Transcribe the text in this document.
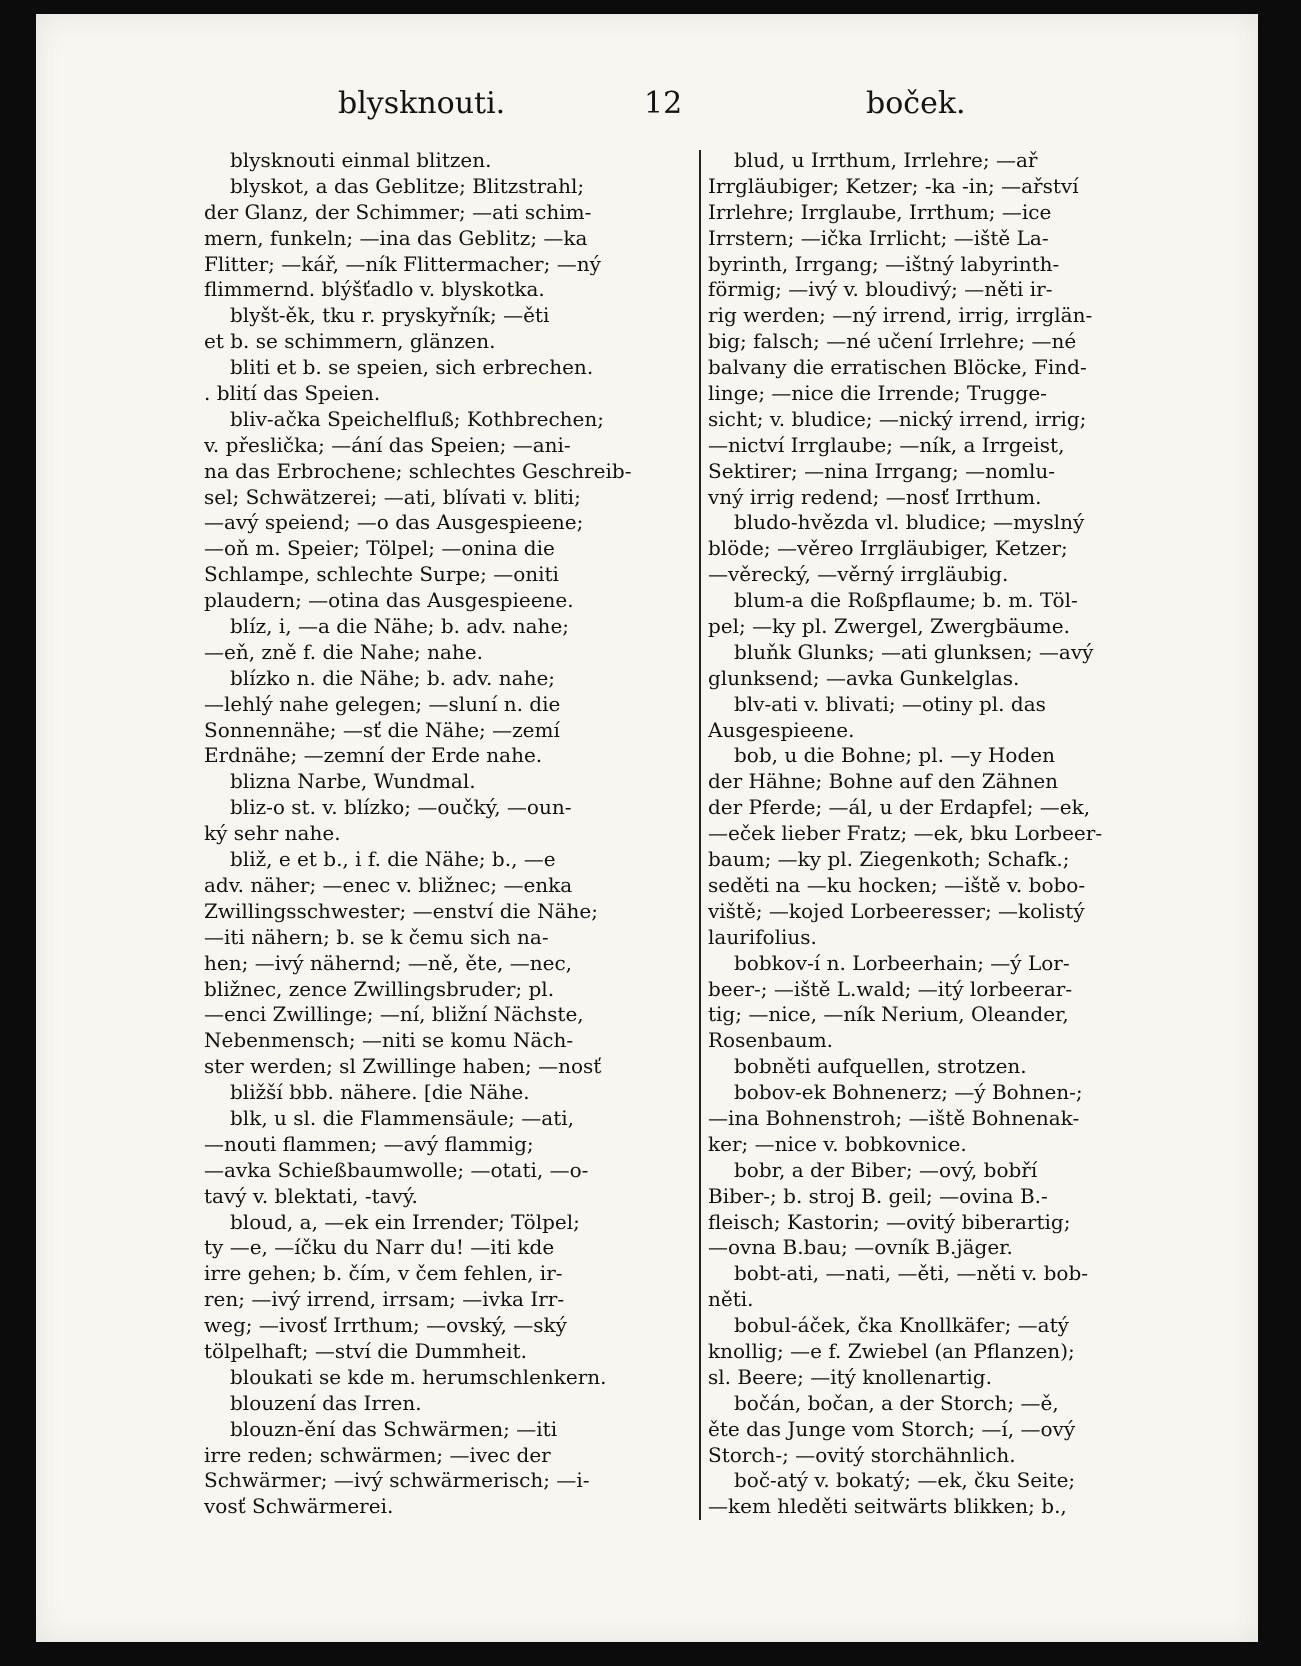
blysknouti.	12	boček.
blysknouti einmal blitzen.
blyskot, a das Geblitze; Blitzstrahl;
der Glanz, der Schimmer; —ati schim-
mern, funkeln; —ina das Geblitz; —ka
Flitter; —kář, —ník Flittermacher; —ný
flimmernd. blýšťadlo v. blyskotka.
blyšt-ěk, tku r. pryskyřník; —ěti
et b. se schimmern, glänzen.
bliti et b. se speien, sich erbrechen.
. blití das Speien.
bliv-ačka Speichelfluß; Kothbrechen;
v. přeslička; —ání das Speien; —ani-
na das Erbrochene; schlechtes Geschreib-
sel; Schwätzerei; —ati, blívati v. bliti;
—avý speiend; —o das Ausgespieene;
—oň m. Speier; Tölpel; —onina die
Schlampe, schlechte Surpe; —oniti
plaudern; —otina das Ausgespieene.
blíz, i, —a die Nähe; b. adv. nahe;
—eň, zně f. die Nahe; nahe.
blízko n. die Nähe; b. adv. nahe;
—lehlý nahe gelegen; —sluní n. die
Sonnennähe; —sť die Nähe; —zemí
Erdnähe; —zemní der Erde nahe.
blizna Narbe, Wundmal.
bliz-o st. v. blízko; —oučký, —oun-
ký sehr nahe.
bliž, e et b., i f. die Nähe; b., —e
adv. näher; —enec v. bližnec; —enka
Zwillingsschwester; —enství die Nähe;
—iti nähern; b. se k čemu sich na-
hen; —ivý nähernd; —ně, ěte, —nec,
bližnec, zence Zwillingsbruder; pl.
—enci Zwillinge; —ní, bližní Nächste,
Nebenmensch; —niti se komu Näch-
ster werden; sl Zwillinge haben; —nosť
bližší bbb. nähere. [die Nähe.
blk, u sl. die Flammensäule; —ati,
—nouti flammen; —avý flammig;
—avka Schießbaumwolle; —otati, —o-
tavý v. blektati, -tavý.
bloud, a, —ek ein Irrender; Tölpel;
ty —e, —íčku du Narr du! —iti kde
irre gehen; b. čím, v čem fehlen, ir-
ren; —ivý irrend, irrsam; —ivka Irr-
weg; —ivosť Irrthum; —ovský, —ský
tölpelhaft; —ství die Dummheit.
bloukati se kde m. herumschlenkern.
blouzení das Irren.
blouzn-ění das Schwärmen; —iti
irre reden; schwärmen; —ivec der
Schwärmer; —ivý schwärmerisch; —i-
vosť Schwärmerei.
blud, u Irrthum, Irrlehre; —ař
Irrgläubiger; Ketzer; -ka -in; —ařství
Irrlehre; Irrglaube, Irrthum; —ice
Irrstern; —ička Irrlicht; —iště La-
byrinth, Irrgang; —ištný labyrinth-
förmig; —ivý v. bloudivý; —něti ir-
rig werden; —ný irrend, irrig, irrglän-
big; falsch; —né učení Irrlehre; —né
balvany die erratischen Blöcke, Find-
linge; —nice die Irrende; Trugge-
sicht; v. bludice; —nický irrend, irrig;
—nictví Irrglaube; —ník, a Irrgeist,
Sektirer; —nina Irrgang; —nomlu-
vný irrig redend; —nosť Irrthum.
bludo-hvězda vl. bludice; —myslný
blöde; —věreo Irrgläubiger, Ketzer;
—věrecký, —věrný irrgläubig.
blum-a die Roßpflaume; b. m. Töl-
pel; —ky pl. Zwergel, Zwergbäume.
bluňk Glunks; —ati glunksen; —avý
glunksend; —avka Gunkelglas.
blv-ati v. blivati; —otiny pl. das
Ausgespieene.
bob, u die Bohne; pl. —y Hoden
der Hähne; Bohne auf den Zähnen
der Pferde; —ál, u der Erdapfel; —ek,
—eček lieber Fratz; —ek, bku Lorbeer-
baum; —ky pl. Ziegenkoth; Schafk.;
seděti na —ku hocken; —iště v. bobo-
viště; —kojed Lorbeeresser; —kolistý
laurifolius.
bobkov-í n. Lorbeerhain; —ý Lor-
beer-; —iště L.wald; —itý lorbeerar-
tig; —nice, —ník Nerium, Oleander,
Rosenbaum.
bobněti aufquellen, strotzen.
bobov-ek Bohnenerz; —ý Bohnen-;
—ina Bohnenstroh; —iště Bohnenak-
ker; —nice v. bobkovnice.
bobr, a der Biber; —ový, bobří
Biber-; b. stroj B. geil; —ovina B.-
fleisch; Kastorin; —ovitý biberartig;
—ovna B.bau; —ovník B.jäger.
bobt-ati, —nati, —ěti, —něti v. bob-
něti.
bobul-áček, čka Knollkäfer; —atý
knollig; —e f. Zwiebel (an Pflanzen);
sl. Beere; —itý knollenartig.
bočán, bočan, a der Storch; —ě,
ěte das Junge vom Storch; —í, —ový
Storch-; —ovitý storchähnlich.
boč-atý v. bokatý; —ek, čku Seite;
—kem hleděti seitwärts blikken; b.,
